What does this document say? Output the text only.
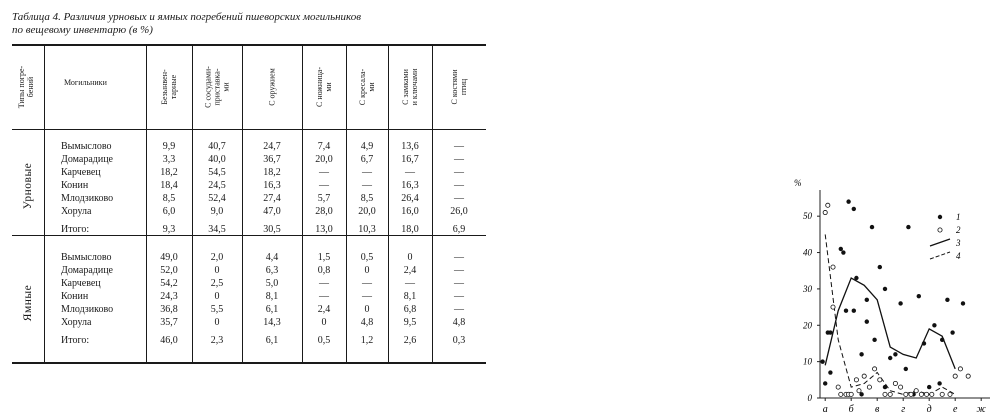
Таблица 4. Различия урновых и ямных погребений пшеворских могильников
по вещевому инвентарю (в %)
Типы погре-
бений	Могильники	Безынвен-
тарные
С сосудами-
приставка-
ми	С оружием	С ножница-
ми
С кресала-
ми
С замками
и ключами
С костями
птиц
Урновые
Вымыслово	9,9	40,7	24,7	7,4	4,9	13,6	—
Домарадице	3,3	40,0	36,7	20,0	6,7	16,7	—
Карчевец	18,2	54,5	18,2	—	—	—	—
Конин	18,4	24,5	16,3	—	—	16,3	—
Млодзиково	8,5	52,4	27,4	5,7	8,5	26,4	—
Хорула	6,0	9,0	47,0	28,0	20,0	16,0	26,0
Итого:	9,3	34,5	30,5	13,0	10,3	18,0	6,9
Ямные
Вымыслово	49,0	2,0	4,4	1,5	0,5	0	—
Домарадице	52,0	0	6,3	0,8	0	2,4	—
Карчевец	54,2	2,5	5,0	—	—	—	—
Конин	24,3	0	8,1	—	—	8,1	—
Млодзиково	36,8	5,5	6,1	2,4	0	6,8	—
Хорула	35,7	0	14,3	0	4,8	9,5	4,8
Итого:	46,0	2,3	6,1	0,5	1,2	2,6	0,3
%
0
10
20
30
40
50
а б в г д е ж
1
2
3
4
